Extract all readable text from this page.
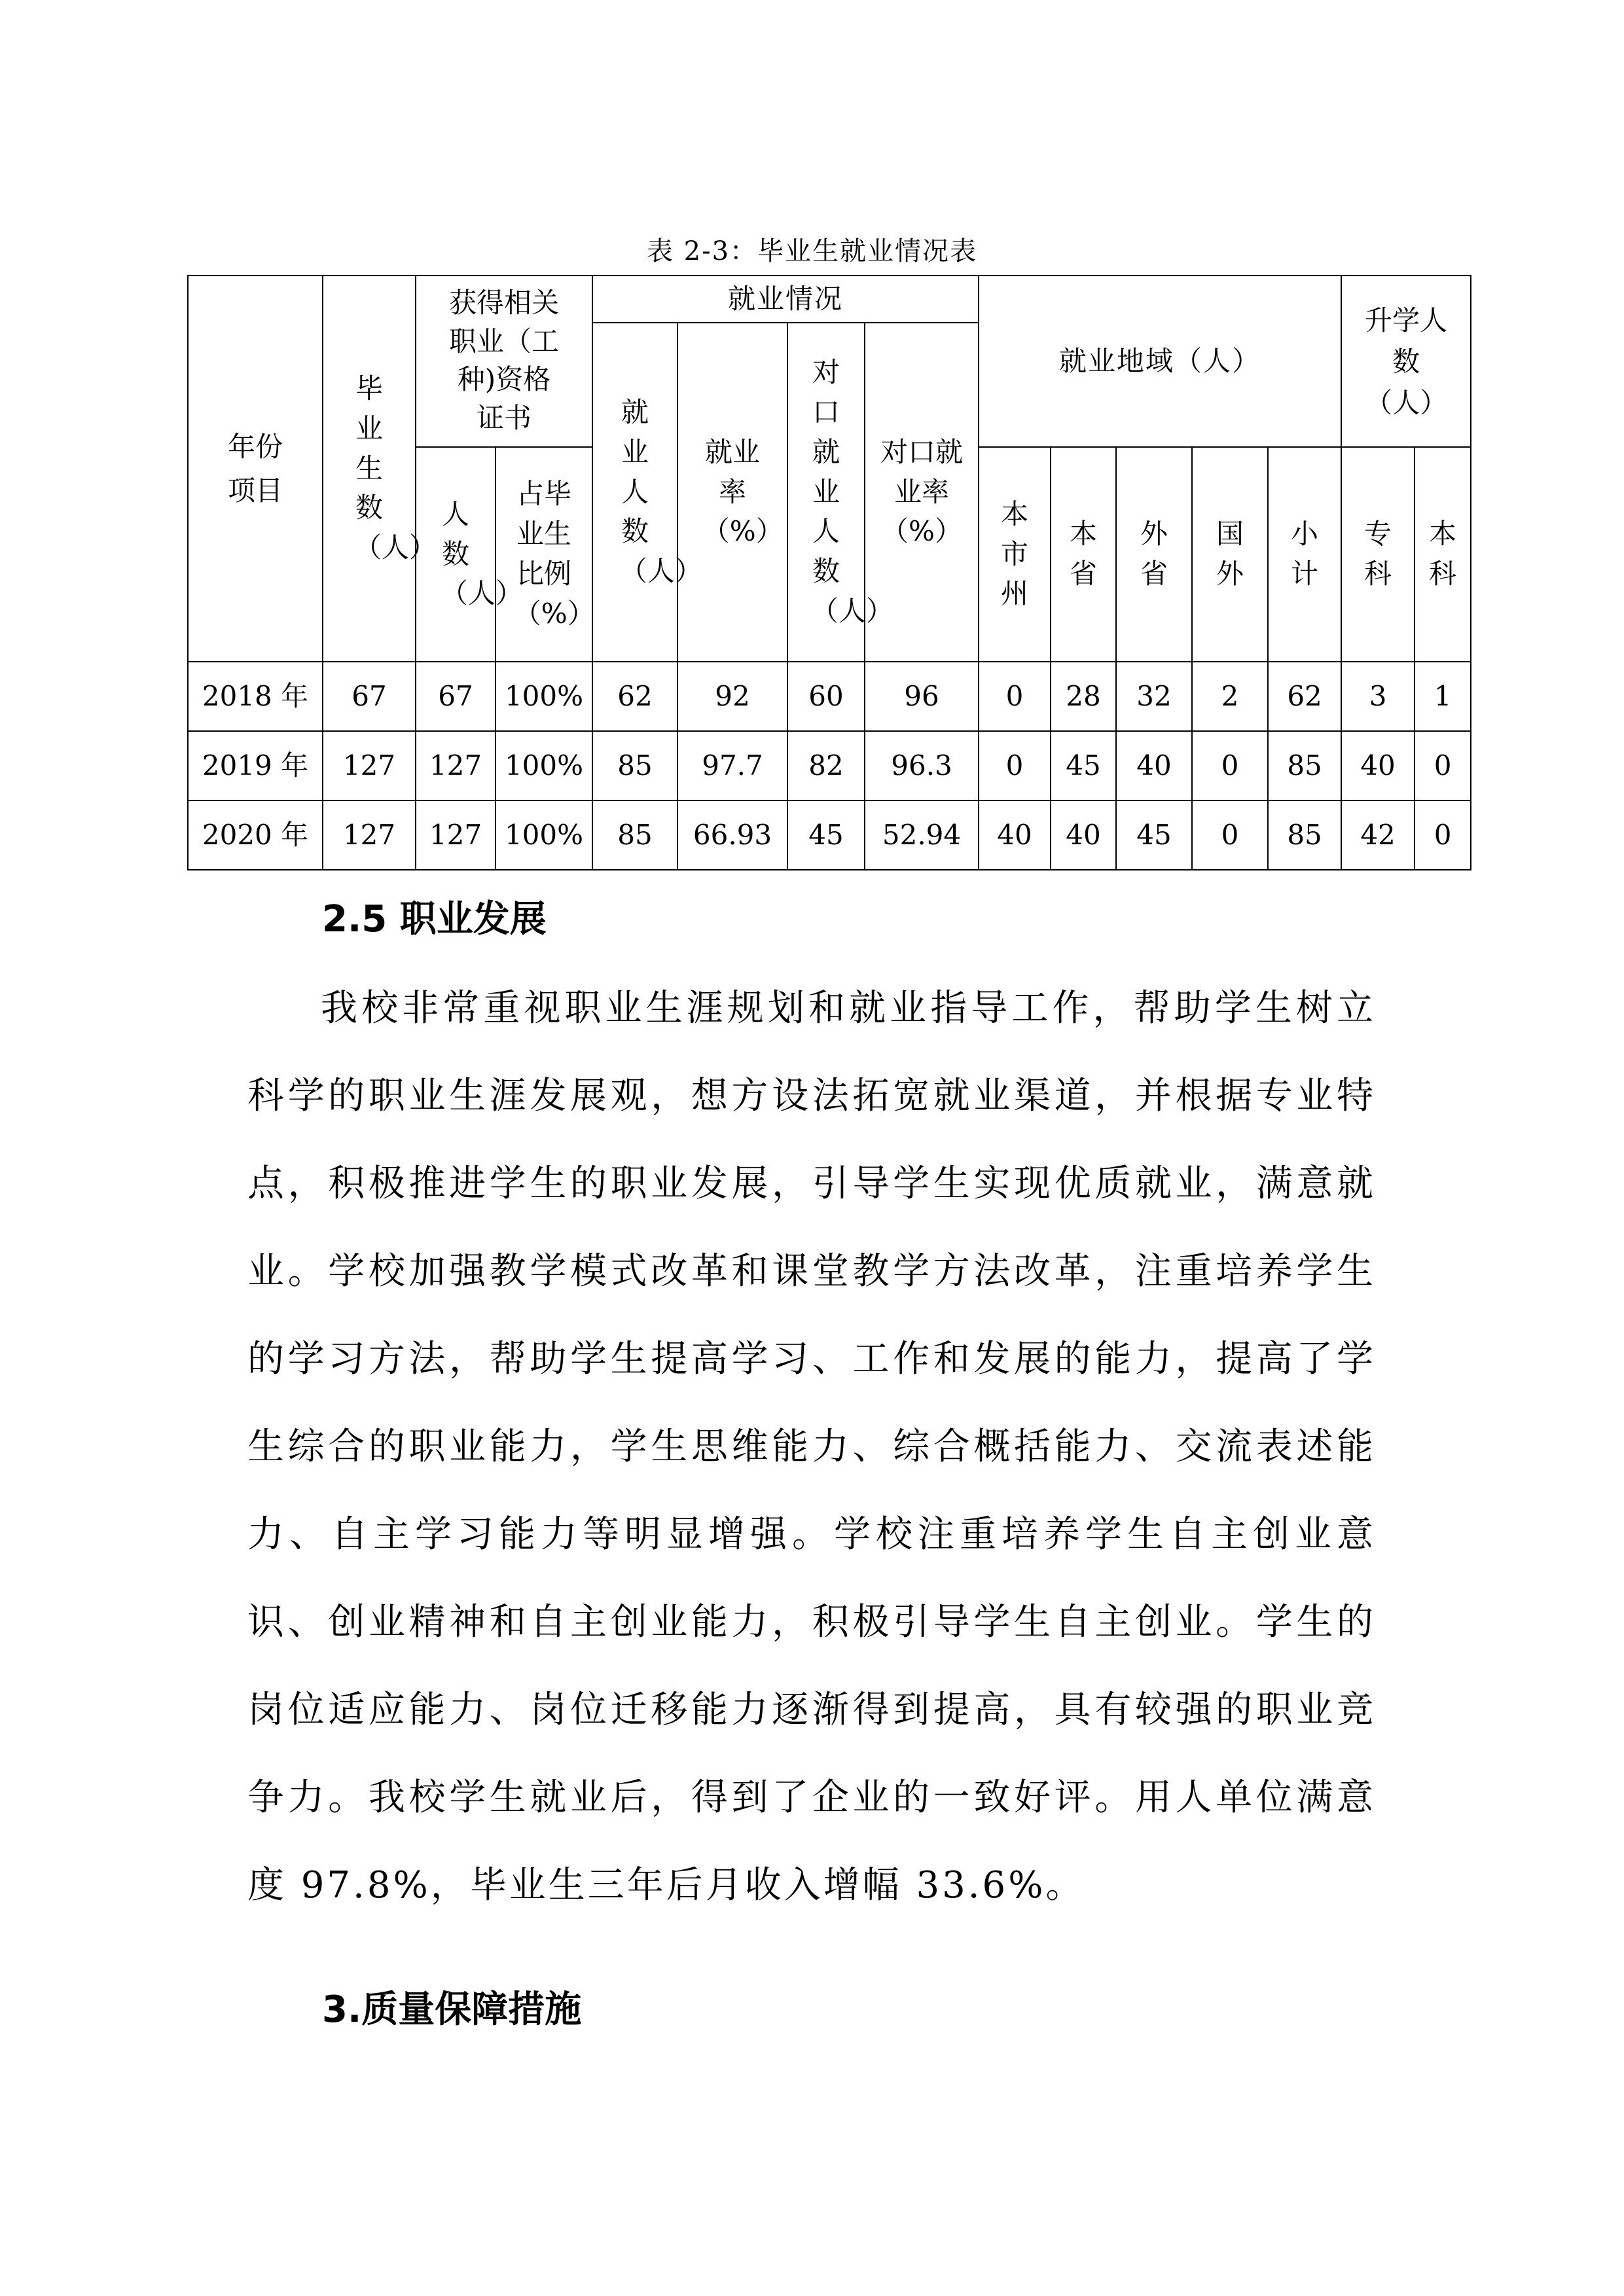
表 2-3：毕业生就业情况表
年份项目	毕业生数（人）	获得相关职业（工种)资格证书		就业情况				就业地域（人）					升学人数（人）	
				就业人数（人）	就业率（%）	对口就业人数（人）	对口就业率（%）							
		人数（人）	占毕业生比例（%）					本市州	本省	外省	国外	小计	专科	本科
2018 年	67	67	100%	62	92	60	96	0	28	32	2	62	3	1
2019 年	127	127	100%	85	97.7	82	96.3	0	45	40	0	85	40	0
2020 年	127	127	100%	85	66.93	45	52.94	40	40	45	0	85	42	0
2.5 职业发展
我校非常重视职业生涯规划和就业指导工作，帮助学生树立科学的职业生涯发展观，想方设法拓宽就业渠道，并根据专业特点，积极推进学生的职业发展，引导学生实现优质就业，满意就业。学校加强教学模式改革和课堂教学方法改革，注重培养学生的学习方法，帮助学生提高学习、工作和发展的能力，提高了学生综合的职业能力，学生思维能力、综合概括能力、交流表述能力、自主学习能力等明显增强。学校注重培养学生自主创业意识、创业精神和自主创业能力，积极引导学生自主创业。学生的岗位适应能力、岗位迁移能力逐渐得到提高，具有较强的职业竞争力。我校学生就业后，得到了企业的一致好评。用人单位满意度 97.8%，毕业生三年后月收入增幅 33.6%。
3.质量保障措施
